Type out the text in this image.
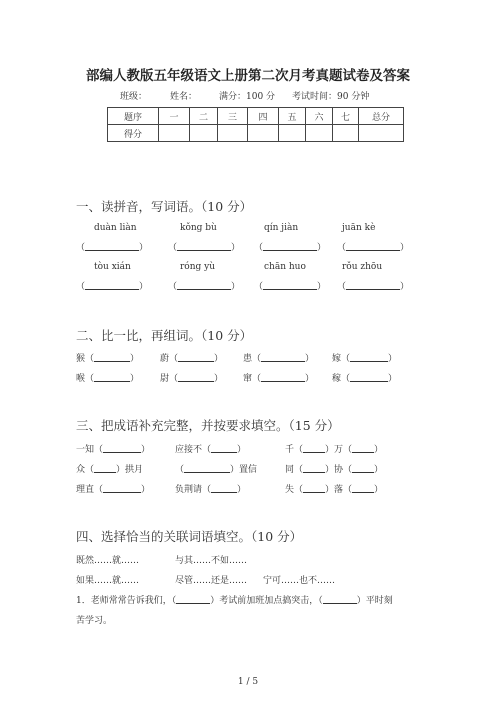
部编人教版五年级语文上册第二次月考真题试卷及答案
班级：	姓名： 满分：100 分 考试时间：90 分钟
题序	一	二	三	四	五	六	七	总分
得分								
一、读拼音，写词语。（10 分）
duàn liàn	kǒng bù	qín jiàn	juān kè
（	） （	） （	） （	）
tòu xián	róng yù	chān huo	rǒu zhōu
（	） （	） （	） （	）
二、比一比，再组词。（10 分）
猴（	） 蔚（	） 患（	） 嫁（	）
喉（	） 尉（	） 窜（	） 稼（	）
三、把成语补充完整，并按要求填空。（15 分）
一知（	）	应接不（	）	千（ ）万（ ）
众（ ）拱月	（	）置信	同（ ）协（ ）
理直（	）	负荆请（	）	失（ ）落（ ）
四、选择恰当的关联词语填空。（10 分）
既然……就……	与其……不如……
如果……就……	尽管……还是…… 宁可……也不……
1．老师常常告诉我们，（	）考试前加班加点搞突击，（	）平时刻
苦学习。
1 / 5
